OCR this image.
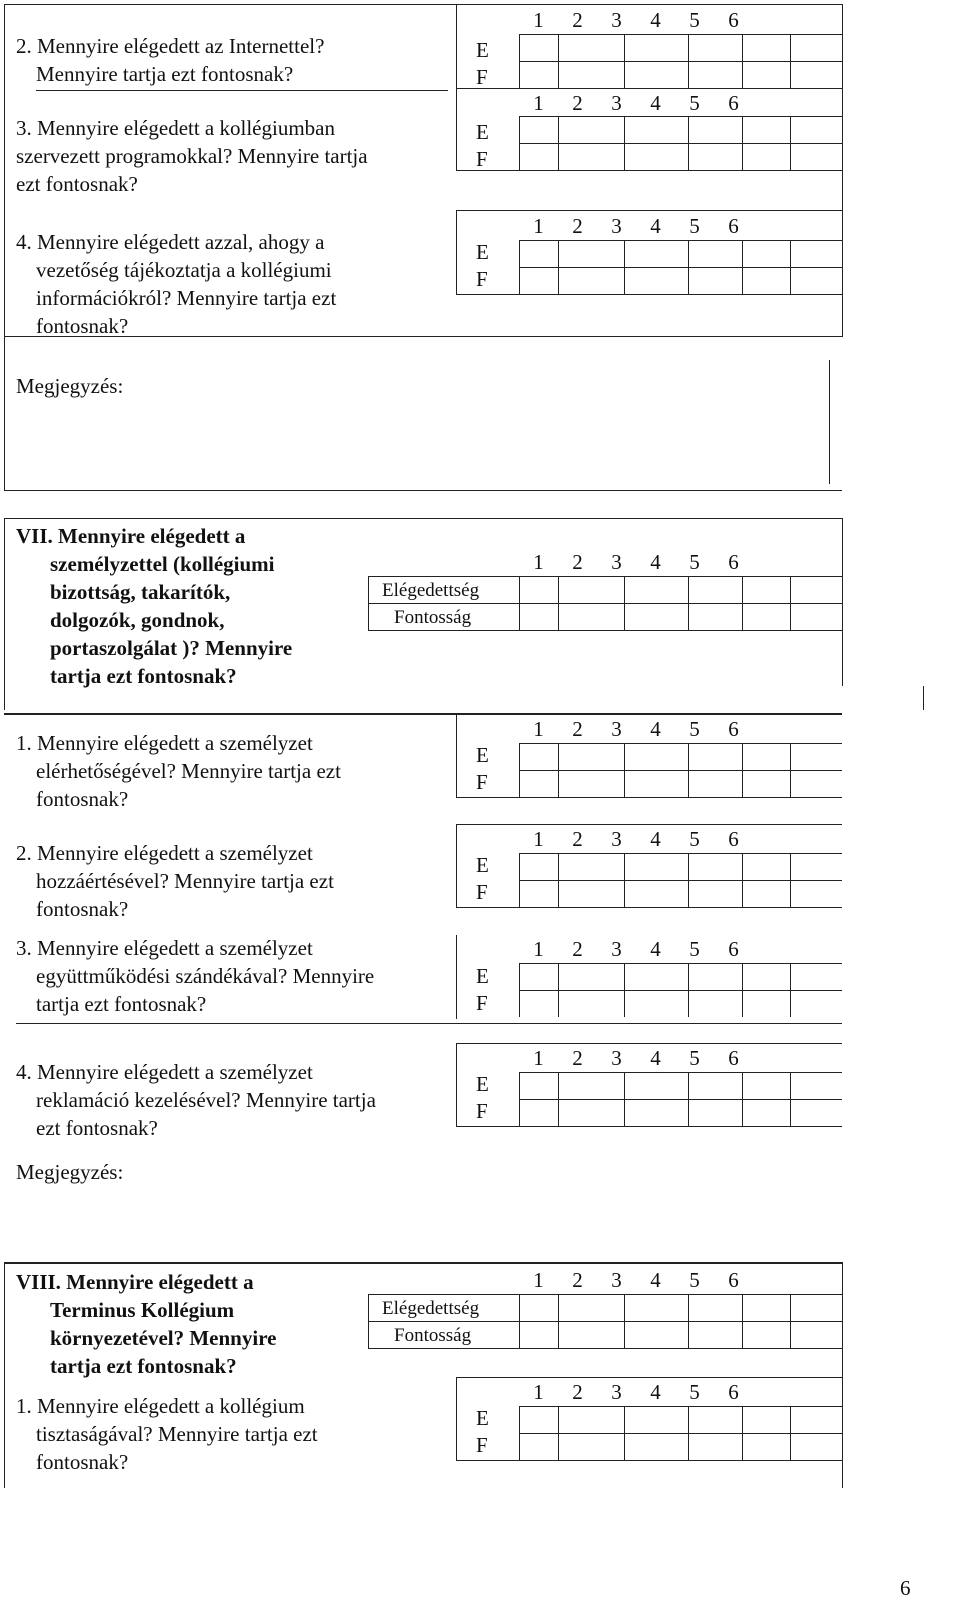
2. Mennyire elégedett az Internettel?
Mennyire tartja ezt fontosnak?
E
F
1	2	3	4	5	6
3. Mennyire elégedett a kollégiumban
szervezett programokkal? Mennyire tartja
ezt fontosnak?
E
F
1	2	3	4	5	6
4. Mennyire elégedett azzal, ahogy a
vezetőség tájékoztatja a kollégiumi
információkról? Mennyire tartja ezt
fontosnak?
E
F
1	2	3	4	5	6
Megjegyzés:
VII. Mennyire elégedett a
személyzettel (kollégiumi
bizottság, takarítók,
dolgozók, gondnok,
portaszolgálat )? Mennyire
tartja ezt fontosnak?
Elégedettség
Fontosság
1	2	3	4	5	6
1. Mennyire elégedett a személyzet
elérhetőségével? Mennyire tartja ezt
fontosnak?
E
F
1	2	3	4	5	6
2. Mennyire elégedett a személyzet
hozzáértésével? Mennyire tartja ezt
fontosnak?
E
F
1	2	3	4	5	6
3. Mennyire elégedett a személyzet
együttműködési szándékával? Mennyire
tartja ezt fontosnak?
E
F
1	2	3	4	5	6
4. Mennyire elégedett a személyzet
reklamáció kezelésével? Mennyire tartja
ezt fontosnak?
E
F
1	2	3	4	5	6
Megjegyzés:
VIII. Mennyire elégedett a
Terminus Kollégium
környezetével? Mennyire
tartja ezt fontosnak?
Elégedettség
Fontosság
1	2	3	4	5	6
1. Mennyire elégedett a kollégium
tisztaságával? Mennyire tartja ezt
fontosnak?
E
F
1	2	3	4	5	6
6
